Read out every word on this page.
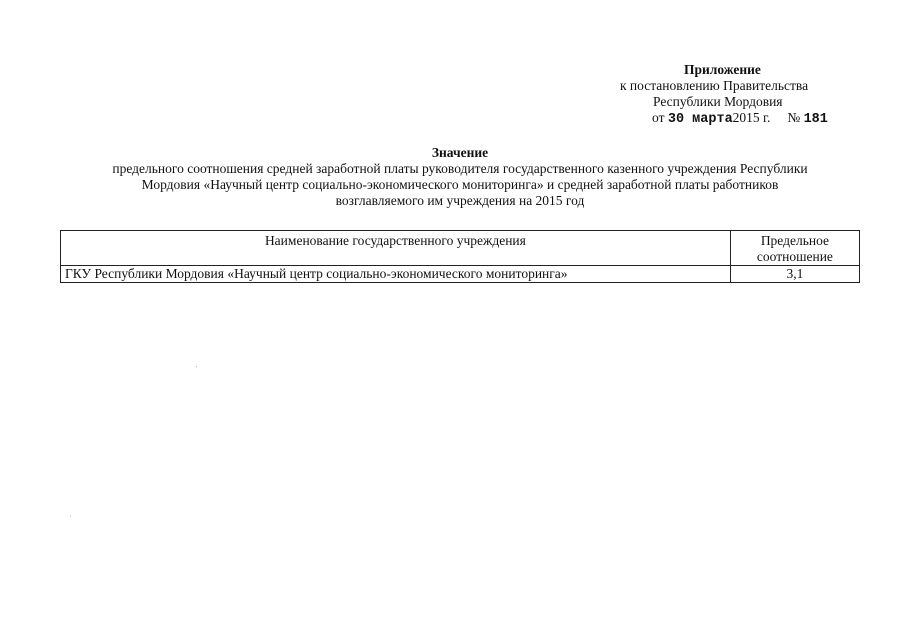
Приложение
к постановлению Правительства
Республики Мордовия
от 30 марта2015 г. № 181
Значение
предельного соотношения средней заработной платы руководителя государственного казенного учреждения Республики
Мордовия «Научный центр социально-экономического мониторинга» и средней заработной платы работников
возглавляемого им учреждения на 2015 год
Наименование государственного учреждения	Предельное
соотношение

ГКУ Республики Мордовия «Научный центр социально-экономического мониторинга»	3,1
